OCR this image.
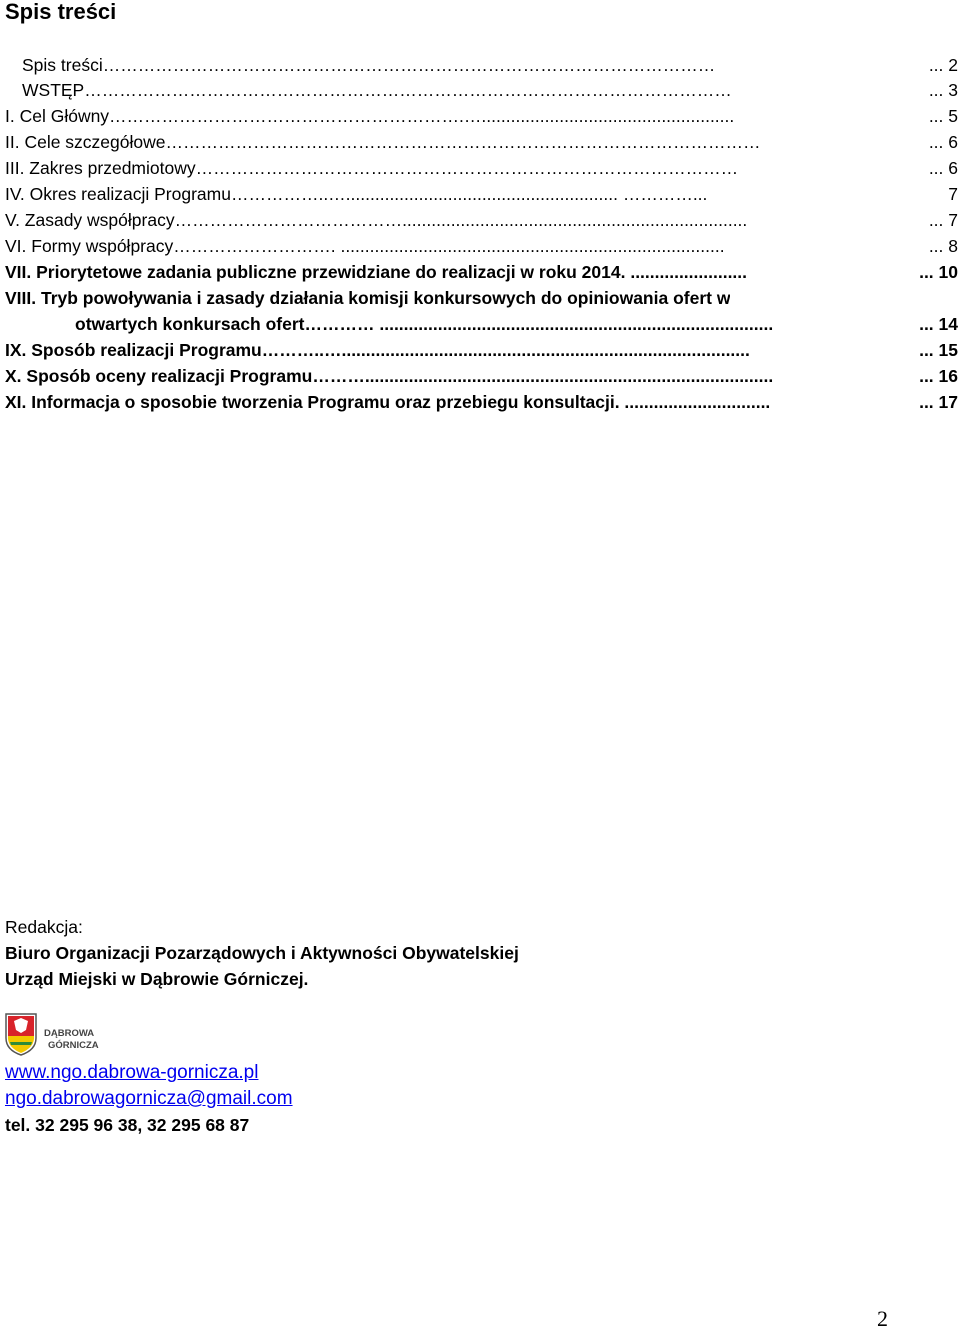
Spis treści
Spis treści……………………………………………………………………………………………	... 2
WSTĘP…………………………………………………………………………………………………	... 3
I. Cel Główny…………………………………………………….…....................................................	... 5
II. Cele szczegółowe…………………………………………………………………………………………	... 6
III. Zakres przedmiotowy…………………………………………………………………………………	... 6
IV. Okres realizacji Programu……………..…........................................................ …………...	7
V. Zasady współpracy………………………………….......................................................................	... 7
VI. Formy współpracy………………………. ...............................................................................	... 8
VII. Priorytetowe zadania publiczne przewidziane do realizacji w roku 2014. ........................	... 10
VIII. Tryb powoływania i zasady działania komisji konkursowych do opiniowania ofert w
otwartych konkursach ofert………… .................................................................................	... 14
IX. Sposób realizacji Programu………..…....................................................................................	... 15
X. Sposób oceny realizacji Programu………....................................................................................	... 16
XI. Informacja o sposobie tworzenia Programu oraz przebiegu konsultacji. ..............................	... 17
Redakcja:
Biuro Organizacji Pozarządowych i Aktywności Obywatelskiej
Urząd Miejski w Dąbrowie Górniczej.
DĄBROWA
GÓRNICZA
www.ngo.dabrowa-gornicza.pl
ngo.dabrowagornicza@gmail.com
tel. 32 295 96 38, 32 295 68 87
2
